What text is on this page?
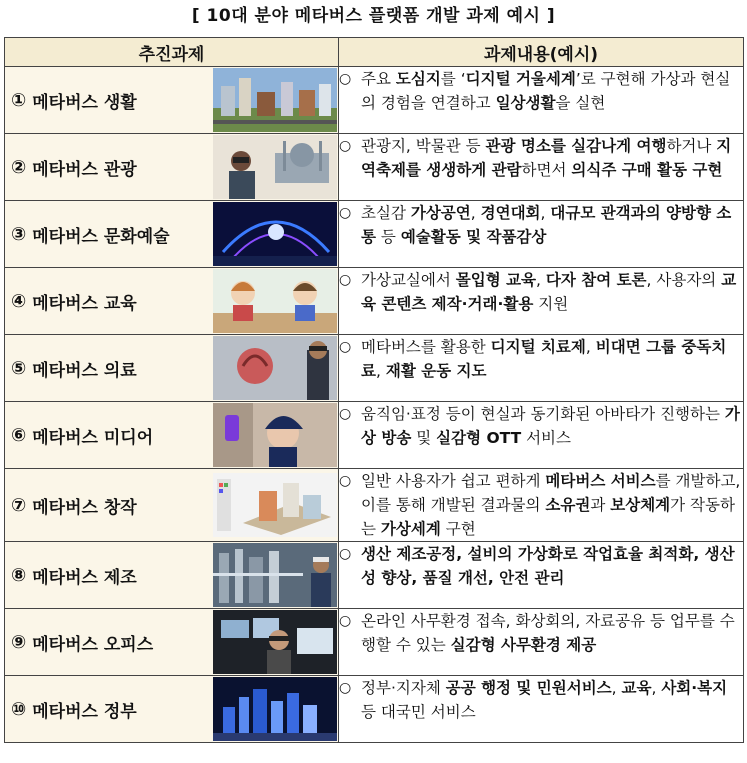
[ 10대 분야 메타버스 플랫폼 개발 과제 예시 ]
추진과제	과제내용(예시)

① 메타버스 생활	○ 주요 도심지를 ‘디지털 거울세계’로 구현해 가상과 현실의 경험을 연결하고 일상생활을 실현

② 메타버스 관광	○ 관광지, 박물관 등 관광 명소를 실감나게 여행하거나 지역축제를 생생하게 관람하면서 의식주 구매 활동 구현

③ 메타버스 문화예술	○ 초실감 가상공연, 경연대회, 대규모 관객과의 양방향 소통 등 예술활동 및 작품감상

④ 메타버스 교육	○ 가상교실에서 몰입형 교육, 다자 참여 토론, 사용자의 교육 콘텐츠 제작·거래·활용 지원

⑤ 메타버스 의료	○ 메타버스를 활용한 디지털 치료제, 비대면 그룹 중독치료, 재활 운동 지도

⑥ 메타버스 미디어	○ 움직임·표정 등이 현실과 동기화된 아바타가 진행하는 가상 방송 및 실감형 OTT 서비스

⑦ 메타버스 창작	○ 일반 사용자가 쉽고 편하게 메타버스 서비스를 개발하고, 이를 통해 개발된 결과물의 소유권과 보상체계가 작동하는 가상세계 구현

⑧ 메타버스 제조	○ 생산 제조공정, 설비의 가상화로 작업효율 최적화, 생산성 향상, 품질 개선, 안전 관리

⑨ 메타버스 오피스	○ 온라인 사무환경 접속, 화상회의, 자료공유 등 업무를 수행할 수 있는 실감형 사무환경 제공

⑩ 메타버스 정부	○ 정부·지자체 공공 행정 및 민원서비스, 교육, 사회·복지 등 대국민 서비스
